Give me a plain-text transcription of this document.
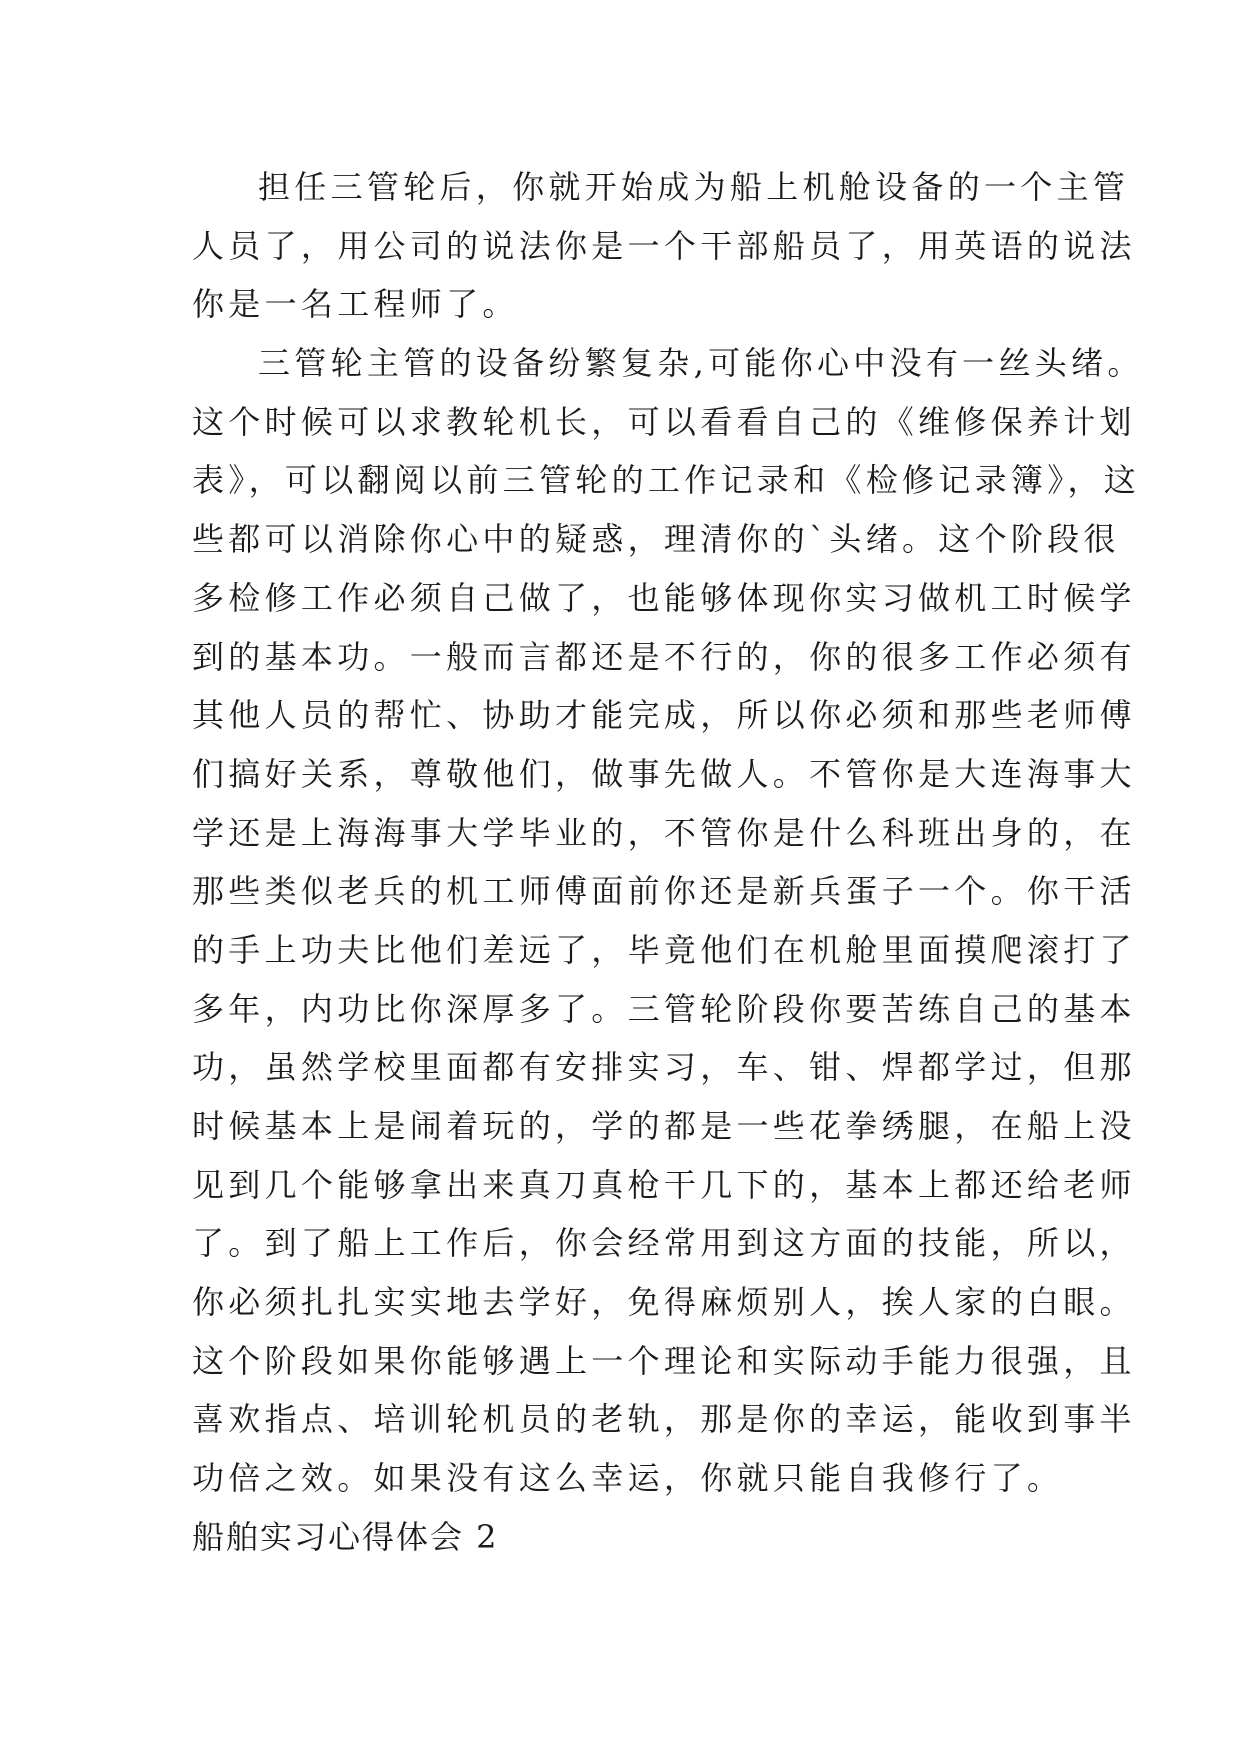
担任三管轮后，你就开始成为船上机舱设备的一个主管
人员了，用公司的说法你是一个干部船员了，用英语的说法
你是一名工程师了。
三管轮主管的设备纷繁复杂,可能你心中没有一丝头绪。
这个时候可以求教轮机长，可以看看自己的《维修保养计划
表》，可以翻阅以前三管轮的工作记录和《检修记录簿》，这
些都可以消除你心中的疑惑，理清你的`头绪。这个阶段很
多检修工作必须自己做了，也能够体现你实习做机工时候学
到的基本功。一般而言都还是不行的，你的很多工作必须有
其他人员的帮忙、协助才能完成，所以你必须和那些老师傅
们搞好关系，尊敬他们，做事先做人。不管你是大连海事大
学还是上海海事大学毕业的，不管你是什么科班出身的，在
那些类似老兵的机工师傅面前你还是新兵蛋子一个。你干活
的手上功夫比他们差远了，毕竟他们在机舱里面摸爬滚打了
多年，内功比你深厚多了。三管轮阶段你要苦练自己的基本
功，虽然学校里面都有安排实习，车、钳、焊都学过，但那
时候基本上是闹着玩的，学的都是一些花拳绣腿，在船上没
见到几个能够拿出来真刀真枪干几下的，基本上都还给老师
了。到了船上工作后，你会经常用到这方面的技能，所以，
你必须扎扎实实地去学好，免得麻烦别人，挨人家的白眼。
这个阶段如果你能够遇上一个理论和实际动手能力很强，且
喜欢指点、培训轮机员的老轨，那是你的幸运，能收到事半
功倍之效。如果没有这么幸运，你就只能自我修行了。
船舶实习心得体会 2
